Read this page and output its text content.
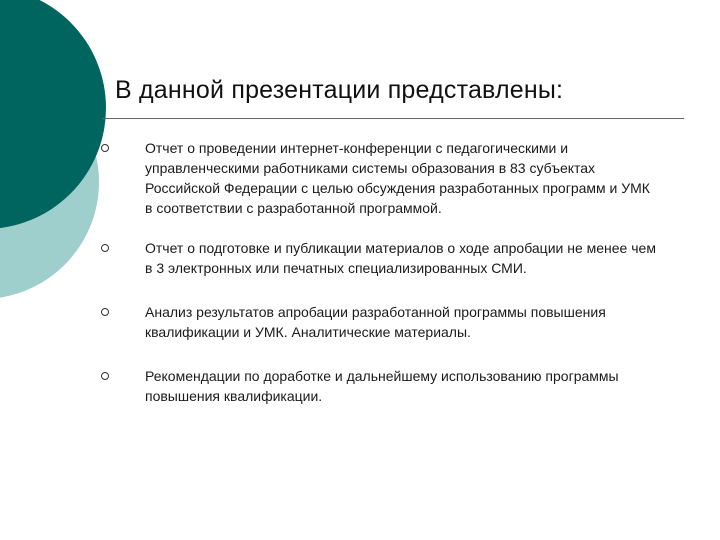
В данной презентации представлены:
Отчет о проведении интернет-конференции с педагогическими и управленческими работниками системы образования в 83 субъектах Российской Федерации с целью обсуждения разработанных программ и УМК в соответствии с разработанной программой.
Отчет о подготовке и публикации материалов о ходе апробации не менее чем в 3 электронных или печатных специализированных СМИ.
Анализ результатов апробации разработанной программы повышения квалификации и УМК. Аналитические материалы.
Рекомендации по доработке и дальнейшему использованию программы повышения квалификации.
